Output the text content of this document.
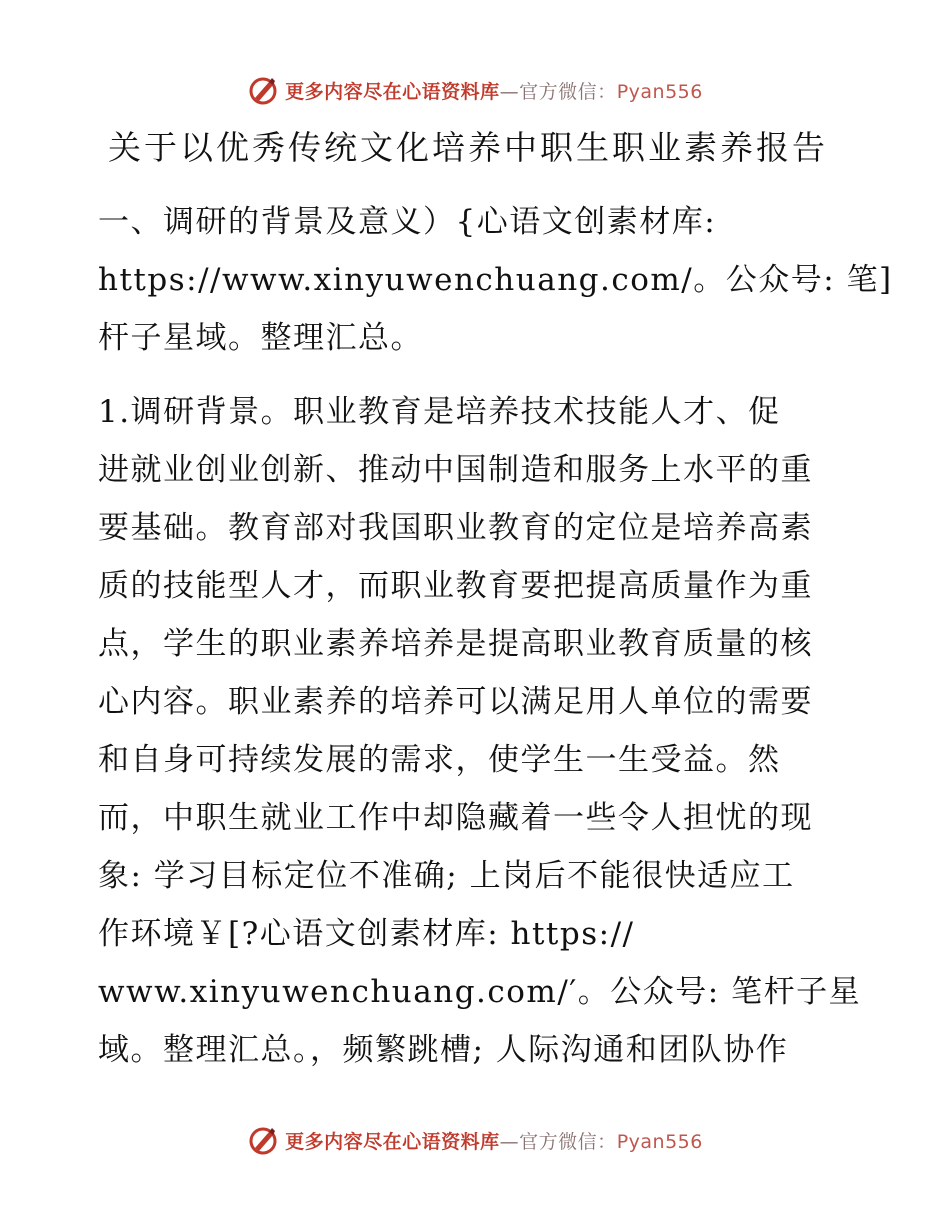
更多内容尽在心语资料库—官方微信：Pyan556
关于以优秀传统文化培养中职生职业素养报告
一、调研的背景及意义）{心语文创素材库:
https://www.xinyuwenchuang.com/。公众号: 笔]
杆子星域。整理汇总。
1.调研背景。职业教育是培养技术技能人才、促
进就业创业创新、推动中国制造和服务上水平的重
要基础。教育部对我国职业教育的定位是培养高素
质的技能型人才，而职业教育要把提高质量作为重
点，学生的职业素养培养是提高职业教育质量的核
心内容。职业素养的培养可以满足用人单位的需要
和自身可持续发展的需求，使学生一生受益。然
而，中职生就业工作中却隐藏着一些令人担忧的现
象: 学习目标定位不准确; 上岗后不能很快适应工
作环境￥[?心语文创素材库: https://
www.xinyuwenchuang.com/′。公众号: 笔杆子星
域。整理汇总。，频繁跳槽; 人际沟通和团队协作
更多内容尽在心语资料库—官方微信：Pyan556
